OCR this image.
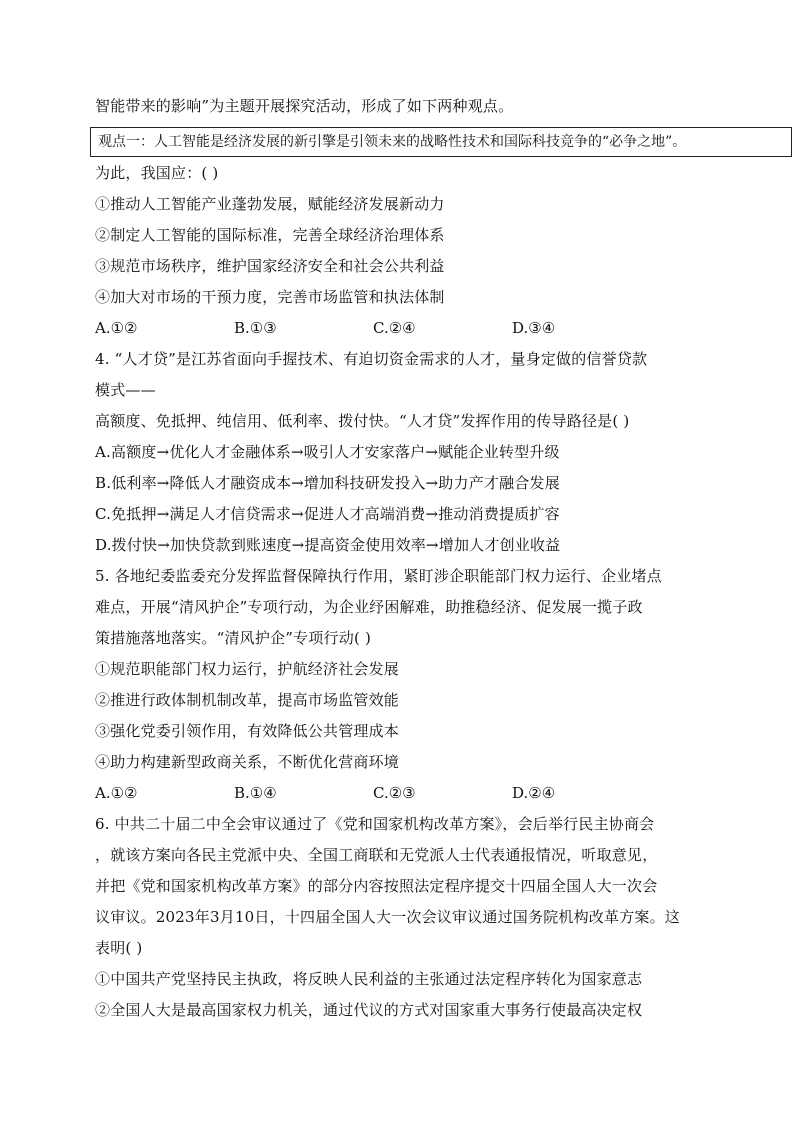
智能带来的影响”为主题开展探究活动，形成了如下两种观点。
观点一：人工智能是经济发展的新引擎是引领未来的战略性技术和国际科技竞争的“必争之地”。
为此，我国应：( )
①推动人工智能产业蓬勃发展，赋能经济发展新动力
②制定人工智能的国际标准，完善全球经济治理体系
③规范市场秩序，维护国家经济安全和社会公共利益
④加大对市场的干预力度，完善市场监管和执法体制
A.①②	B.①③	C.②④	D.③④
4. “人才贷”是江苏省面向手握技术、有迫切资金需求的人才，量身定做的信誉贷款
模式——
高额度、免抵押、纯信用、低利率、拨付快。“人才贷”发挥作用的传导路径是( )
A.高额度→优化人才金融体系→吸引人才安家落户→赋能企业转型升级
B.低利率→降低人才融资成本→增加科技研发投入→助力产才融合发展
C.免抵押→满足人才信贷需求→促进人才高端消费→推动消费提质扩容
D.拨付快→加快贷款到账速度→提高资金使用效率→增加人才创业收益
5. 各地纪委监委充分发挥监督保障执行作用，紧盯涉企职能部门权力运行、企业堵点
难点，开展“清风护企”专项行动，为企业纾困解难，助推稳经济、促发展一揽子政
策措施落地落实。“清风护企”专项行动( )
①规范职能部门权力运行，护航经济社会发展
②推进行政体制机制改革，提高市场监管效能
③强化党委引领作用，有效降低公共管理成本
④助力构建新型政商关系，不断优化营商环境
A.①②	B.①④	C.②③	D.②④
6. 中共二十届二中全会审议通过了《党和国家机构改革方案》，会后举行民主协商会
，就该方案向各民主党派中央、全国工商联和无党派人士代表通报情况，听取意见，
并把《党和国家机构改革方案》的部分内容按照法定程序提交十四届全国人大一次会
议审议。2023年3月10日，十四届全国人大一次会议审议通过国务院机构改革方案。这
表明( )
①中国共产党坚持民主执政，将反映人民利益的主张通过法定程序转化为国家意志
②全国人大是最高国家权力机关，通过代议的方式对国家重大事务行使最高决定权
